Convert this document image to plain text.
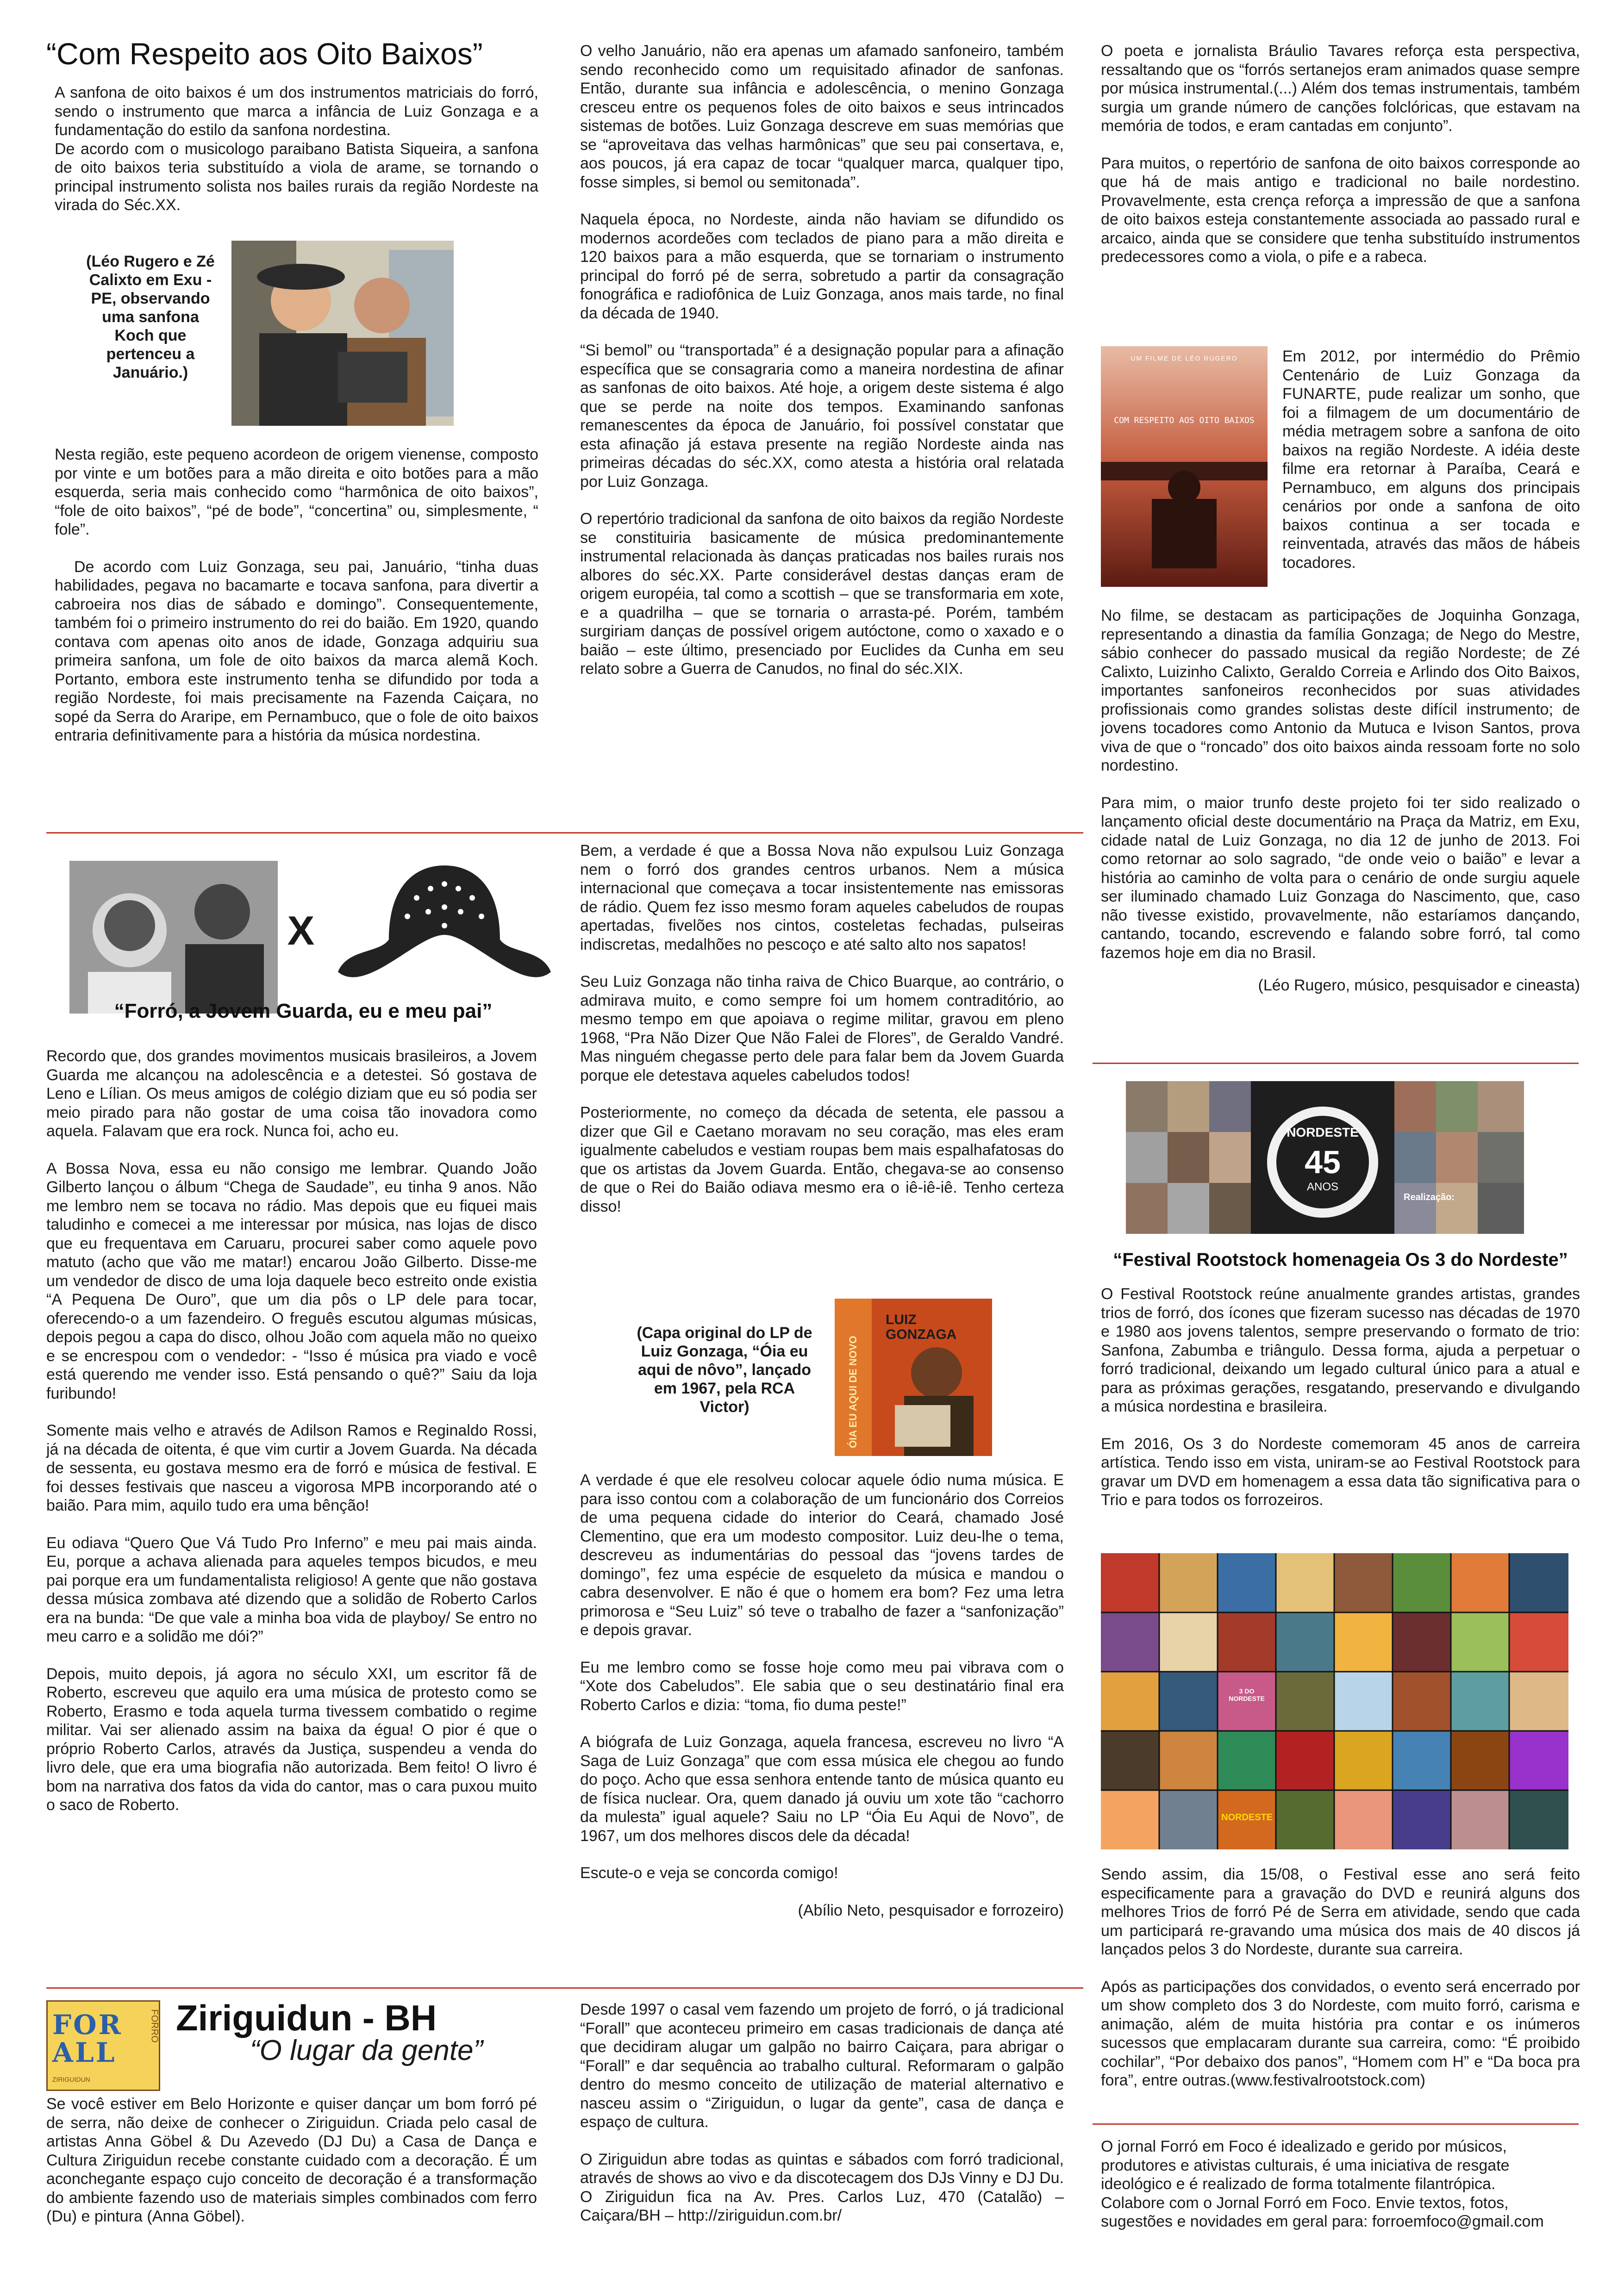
“Com Respeito aos Oito Baixos”

A sanfona de oito baixos é um dos instrumentos matriciais do forró, sendo o instrumento que marca a infância de Luiz Gonzaga e a fundamentação do estilo da sanfona nordestina.

De acordo com o musicologo paraibano Batista Siqueira, a sanfona de oito baixos teria substituído a viola de arame, se tornando o principal instrumento solista nos bailes rurais da região Nordeste na virada do Séc.XX.

(Léo Rugero e Zé Calixto em Exu - PE, observando uma sanfona Koch que pertenceu a Januário.)

Nesta região, este pequeno acordeon de origem vienense, composto por vinte e um botões para a mão direita e oito botões para a mão esquerda, seria mais conhecido como “harmônica de oito baixos”, “fole de oito baixos”, “pé de bode”, “concertina” ou, simplesmente, “ fole”.

De acordo com Luiz Gonzaga, seu pai, Januário, “tinha duas habilidades, pegava no bacamarte e tocava sanfona, para divertir a cabroeira nos dias de sábado e domingo”. Consequentemente, também foi o primeiro instrumento do rei do baião. Em 1920, quando contava com apenas oito anos de idade, Gonzaga adquiriu sua primeira sanfona, um fole de oito baixos da marca alemã Koch. Portanto, embora este instrumento tenha se difundido por toda a região Nordeste, foi mais precisamente na Fazenda Caiçara, no sopé da Serra do Araripe, em Pernambuco, que o fole de oito baixos entraria definitivamente para a história da música nordestina.

O velho Januário, não era apenas um afamado sanfoneiro, também sendo reconhecido como um requisitado afinador de sanfonas. Então, durante sua infância e adolescência, o menino Gonzaga cresceu entre os pequenos foles de oito baixos e seus intrincados sistemas de botões. Luiz Gonzaga descreve em suas memórias que se “aproveitava das velhas harmônicas” que seu pai consertava, e, aos poucos, já era capaz de tocar “qualquer marca, qualquer tipo, fosse simples, si bemol ou semitonada”.

Naquela época, no Nordeste, ainda não haviam se difundido os modernos acordeões com teclados de piano para a mão direita e 120 baixos para a mão esquerda, que se tornariam o instrumento principal do forró pé de serra, sobretudo a partir da consagração fonográfica e radiofônica de Luiz Gonzaga, anos mais tarde, no final da década de 1940.

“Si bemol” ou “transportada” é a designação popular para a afinação específica que se consagraria como a maneira nordestina de afinar as sanfonas de oito baixos. Até hoje, a origem deste sistema é algo que se perde na noite dos tempos. Examinando sanfonas remanescentes da época de Januário, foi possível constatar que esta afinação já estava presente na região Nordeste ainda nas primeiras décadas do séc.XX, como atesta a história oral relatada por Luiz Gonzaga.

O repertório tradicional da sanfona de oito baixos da região Nordeste se constituiria basicamente de música predominantemente instrumental relacionada às danças praticadas nos bailes rurais nos albores do séc.XX. Parte considerável destas danças eram de origem européia, tal como a scottish – que se transformaria em xote, e a quadrilha – que se tornaria o arrasta-pé. Porém, também surgiriam danças de possível origem autóctone, como o xaxado e o baião – este último, presenciado por Euclides da Cunha em seu relato sobre a Guerra de Canudos, no final do séc.XIX.

O poeta e jornalista Bráulio Tavares reforça esta perspectiva, ressaltando que os “forrós sertanejos eram animados quase sempre por música instrumental.(...) Além dos temas instrumentais, também surgia um grande número de canções folclóricas, que estavam na memória de todos, e eram cantadas em conjunto”.

Para muitos, o repertório de sanfona de oito baixos corresponde ao que há de mais antigo e tradicional no baile nordestino. Provavelmente, esta crença reforça a impressão de que a sanfona de oito baixos esteja constantemente associada ao passado rural e arcaico, ainda que se considere que tenha substituído instrumentos predecessores como a viola, o pife e a rabeca.

UM FILME DE LÉO RUGERO
COM RESPEITO AOS OITO BAIXOS
Em 2012, por intermédio do Prêmio Centenário de Luiz Gonzaga da FUNARTE, pude realizar um sonho, que foi a filmagem de um documentário de média metragem sobre a sanfona de oito baixos na região Nordeste. A idéia deste filme era retornar à Paraíba, Ceará e Pernambuco, em alguns dos principais cenários por onde a sanfona de oito baixos continua a ser tocada e reinventada, através das mãos de hábeis tocadores.

No filme, se destacam as participações de Joquinha Gonzaga, representando a dinastia da família Gonzaga; de Nego do Mestre, sábio conhecer do passado musical da região Nordeste; de Zé Calixto, Luizinho Calixto, Geraldo Correia e Arlindo dos Oito Baixos, importantes sanfoneiros reconhecidos por suas atividades profissionais como grandes solistas deste difícil instrumento; de jovens tocadores como Antonio da Mutuca e Ivison Santos, prova viva de que o “roncado” dos oito baixos ainda ressoam forte no solo nordestino.

Para mim, o maior trunfo deste projeto foi ter sido realizado o lançamento oficial deste documentário na Praça da Matriz, em Exu, cidade natal de Luiz Gonzaga, no dia 12 de junho de 2013. Foi como retornar ao solo sagrado, “de onde veio o baião” e levar a história ao caminho de volta para o cenário de onde surgiu aquele ser iluminado chamado Luiz Gonzaga do Nascimento, que, caso não tivesse existido, provavelmente, não estaríamos dançando, cantando, tocando, escrevendo e falando sobre forró, tal como fazemos hoje em dia no Brasil.

(Léo Rugero, músico, pesquisador e cineasta)

X
“Forró, a Jovem Guarda, eu e meu pai”

Recordo que, dos grandes movimentos musicais brasileiros, a Jovem Guarda me alcançou na adolescência e a detestei. Só gostava de Leno e Lílian. Os meus amigos de colégio diziam que eu só podia ser meio pirado para não gostar de uma coisa tão inovadora como aquela. Falavam que era rock. Nunca foi, acho eu.

A Bossa Nova, essa eu não consigo me lembrar. Quando João Gilberto lançou o álbum “Chega de Saudade”, eu tinha 9 anos. Não me lembro nem se tocava no rádio. Mas depois que eu fiquei mais taludinho e comecei a me interessar por música, nas lojas de disco que eu frequentava em Caruaru, procurei saber como aquele povo matuto (acho que vão me matar!) encarou João Gilberto. Disse-me um vendedor de disco de uma loja daquele beco estreito onde existia “A Pequena De Ouro”, que um dia pôs o LP dele para tocar, oferecendo-o a um fazendeiro. O freguês escutou algumas músicas, depois pegou a capa do disco, olhou João com aquela mão no queixo e se encrespou com o vendedor: - “Isso é música pra viado e você está querendo me vender isso. Está pensando o quê?” Saiu da loja furibundo!

Somente mais velho e através de Adilson Ramos e Reginaldo Rossi, já na década de oitenta, é que vim curtir a Jovem Guarda. Na década de sessenta, eu gostava mesmo era de forró e música de festival. E foi desses festivais que nasceu a vigorosa MPB incorporando até o baião. Para mim, aquilo tudo era uma bênção!

Eu odiava “Quero Que Vá Tudo Pro Inferno” e meu pai mais ainda. Eu, porque a achava alienada para aqueles tempos bicudos, e meu pai porque era um fundamentalista religioso! A gente que não gostava dessa música zombava até dizendo que a solidão de Roberto Carlos era na bunda: “De que vale a minha boa vida de playboy/ Se entro no meu carro e a solidão me dói?”

Depois, muito depois, já agora no século XXI, um escritor fã de Roberto, escreveu que aquilo era uma música de protesto como se Roberto, Erasmo e toda aquela turma tivessem combatido o regime militar. Vai ser alienado assim na baixa da égua! O pior é que o próprio Roberto Carlos, através da Justiça, suspendeu a venda do livro dele, que era uma biografia não autorizada. Bem feito! O livro é bom na narrativa dos fatos da vida do cantor, mas o cara puxou muito o saco de Roberto.

Bem, a verdade é que a Bossa Nova não expulsou Luiz Gonzaga nem o forró dos grandes centros urbanos. Nem a música internacional que começava a tocar insistentemente nas emissoras de rádio. Quem fez isso mesmo foram aqueles cabeludos de roupas apertadas, fivelões nos cintos, costeletas fechadas, pulseiras indiscretas, medalhões no pescoço e até salto alto nos sapatos!

Seu Luiz Gonzaga não tinha raiva de Chico Buarque, ao contrário, o admirava muito, e como sempre foi um homem contraditório, ao mesmo tempo em que apoiava o regime militar, gravou em pleno 1968, “Pra Não Dizer Que Não Falei de Flores”, de Geraldo Vandré. Mas ninguém chegasse perto dele para falar bem da Jovem Guarda porque ele detestava aqueles cabeludos todos!

Posteriormente, no começo da década de setenta, ele passou a dizer que Gil e Caetano moravam no seu coração, mas eles eram igualmente cabeludos e vestiam roupas bem mais espalhafatosas do que os artistas da Jovem Guarda. Então, chegava-se ao consenso de que o Rei do Baião odiava mesmo era o iê-iê-iê. Tenho certeza disso!

(Capa original do LP de Luiz Gonzaga, “Óia eu aqui de nôvo”, lançado em 1967, pela RCA Victor)
LUIZ GONZAGA
ÓIA EU AQUI DE NOVO

A verdade é que ele resolveu colocar aquele ódio numa música. E para isso contou com a colaboração de um funcionário dos Correios de uma pequena cidade do interior do Ceará, chamado José Clementino, que era um modesto compositor. Luiz deu-lhe o tema, descreveu as indumentárias do pessoal das “jovens tardes de domingo”, fez uma espécie de esqueleto da música e mandou o cabra desenvolver. E não é que o homem era bom? Fez uma letra primorosa e “Seu Luiz” só teve o trabalho de fazer a “sanfonização” e depois gravar.

Eu me lembro como se fosse hoje como meu pai vibrava com o “Xote dos Cabeludos”. Ele sabia que o seu destinatário final era Roberto Carlos e dizia: “toma, fio duma peste!”

A biógrafa de Luiz Gonzaga, aquela francesa, escreveu no livro “A Saga de Luiz Gonzaga” que com essa música ele chegou ao fundo do poço. Acho que essa senhora entende tanto de música quanto eu de física nuclear. Ora, quem danado já ouviu um xote tão “cachorro da mulesta” igual aquele? Saiu no LP “Óia Eu Aqui de Novo”, de 1967, um dos melhores discos dele da década!

Escute-o e veja se concorda comigo!

(Abílio Neto, pesquisador e forrozeiro)

FOR ALL
FORRÓ
ZIRIGUIDUN
Ziriguidun - BH
“O lugar da gente”
Se você estiver em Belo Horizonte e quiser dançar um bom forró pé de serra, não deixe de conhecer o Ziriguidun. Criada pelo casal de artistas Anna Göbel & Du Azevedo (DJ Du) a Casa de Dança e Cultura Ziriguidun recebe constante cuidado com a decoração. É um aconchegante espaço cujo conceito de decoração é a transformação do ambiente fazendo uso de materiais simples combinados com ferro (Du) e pintura (Anna Göbel).

Desde 1997 o casal vem fazendo um projeto de forró, o já tradicional “Forall” que aconteceu primeiro em casas tradicionais de dança até que decidiram alugar um galpão no bairro Caiçara, para abrigar o “Forall” e dar sequência ao trabalho cultural. Reformaram o galpão dentro do mesmo conceito de utilização de material alternativo e nasceu assim o “Ziriguidun, o lugar da gente”, casa de dança e espaço de cultura.

O Ziriguidun abre todas as quintas e sábados com forró tradicional, através de shows ao vivo e da discotecagem dos DJs Vinny e DJ Du. O Ziriguidun fica na Av. Pres. Carlos Luz, 470 (Catalão) – Caiçara/BH – http://ziriguidun.com.br/

NORDESTE
45
ANOS
Realização:
“Festival Rootstock homenageia Os 3 do Nordeste”

O Festival Rootstock reúne anualmente grandes artistas, grandes trios de forró, dos ícones que fizeram sucesso nas décadas de 1970 e 1980 aos jovens talentos, sempre preservando o formato de trio: Sanfona, Zabumba e triângulo. Dessa forma, ajuda a perpetuar o forró tradicional, deixando um legado cultural único para a atual e para as próximas gerações, resgatando, preservando e divulgando a música nordestina e brasileira.

Em 2016, Os 3 do Nordeste comemoram 45 anos de carreira artística. Tendo isso em vista, uniram-se ao Festival Rootstock para gravar um DVD em homenagem a essa data tão significativa para o Trio e para todos os forrozeiros.

3 DO NORDESTE
NORDESTE

Sendo assim, dia 15/08, o Festival esse ano será feito especificamente para a gravação do DVD e reunirá alguns dos melhores Trios de forró Pé de Serra em atividade, sendo que cada um participará re-gravando uma música dos mais de 40 discos já lançados pelos 3 do Nordeste, durante sua carreira.

Após as participações dos convidados, o evento será encerrado por um show completo dos 3 do Nordeste, com muito forró, carisma e animação, além de muita história pra contar e os inúmeros sucessos que emplacaram durante sua carreira, como: “É proibido cochilar”, “Por debaixo dos panos”, “Homem com H” e “Da boca pra fora”, entre outras.(www.festivalrootstock.com)

O jornal Forró em Foco é idealizado e gerido por músicos, produtores e ativistas culturais, é uma iniciativa de resgate ideológico e é realizado de forma totalmente filantrópica.
Colabore com o Jornal Forró em Foco. Envie textos, fotos, sugestões e novidades em geral para: forroemfoco@gmail.com
